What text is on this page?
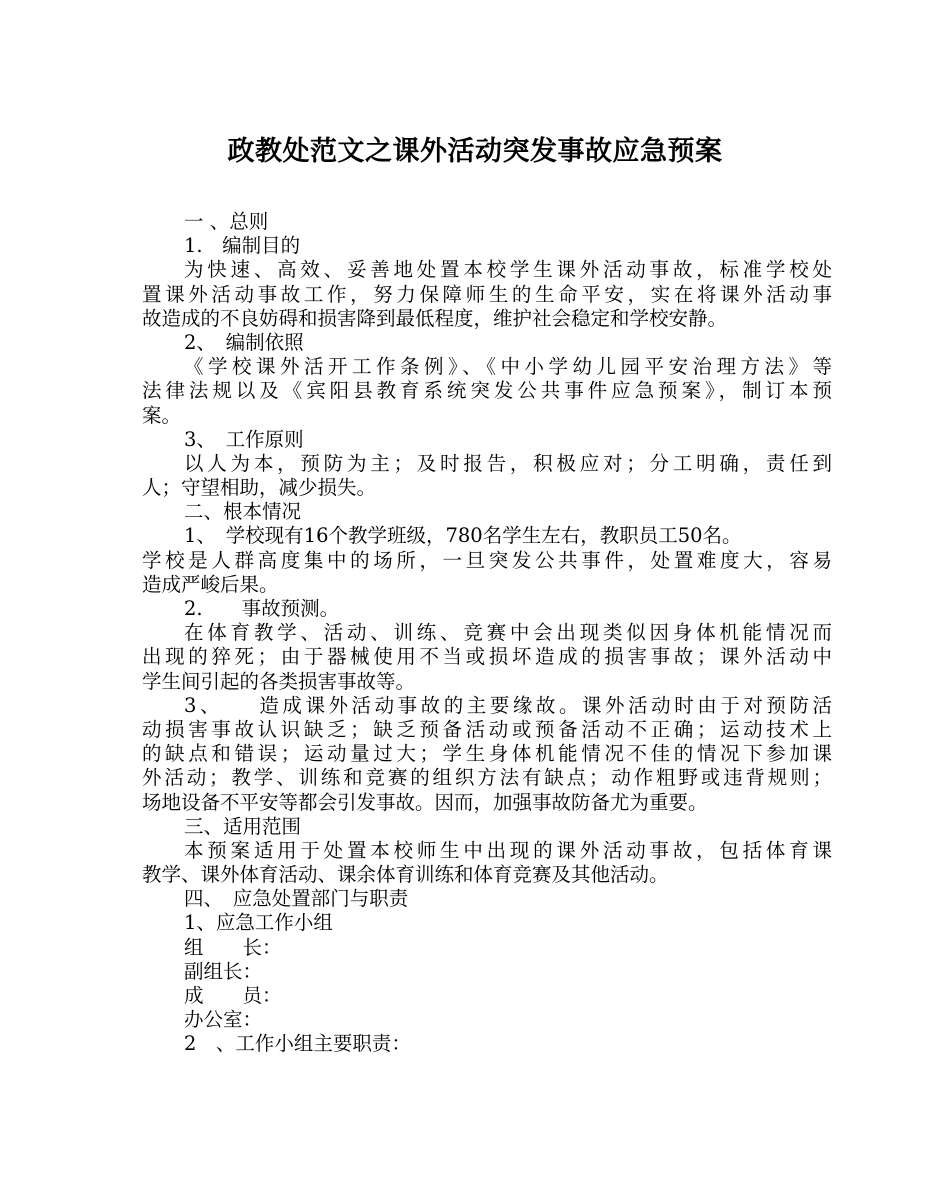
政教处范文之课外活动突发事故应急预案
一 、总则
1.　编制目的
为快速、高效、妥善地处置本校学生课外活动事故，标准学校处
置课外活动事故工作，努力保障师生的生命平安，实在将课外活动事
故造成的不良妨碍和损害降到最低程度，维护社会稳定和学校安静。
2、　编制依照
《学校课外活开工作条例》、《中小学幼儿园平安治理方法》等
法律法规以及《宾阳县教育系统突发公共事件应急预案》，制订本预
案。
3、　工作原则
以人为本，预防为主；及时报告，积极应对；分工明确，责任到
人；守望相助，减少损失。
二、根本情况
1、　学校现有16个教学班级，780名学生左右，教职员工50名。
学校是人群高度集中的场所，一旦突发公共事件，处置难度大，容易
造成严峻后果。
2.　　事故预测。
在体育教学、活动、训练、竞赛中会出现类似因身体机能情况而
出现的猝死；由于器械使用不当或损坏造成的损害事故；课外活动中
学生间引起的各类损害事故等。
3、　　造成课外活动事故的主要缘故。课外活动时由于对预防活
动损害事故认识缺乏；缺乏预备活动或预备活动不正确；运动技术上
的缺点和错误；运动量过大；学生身体机能情况不佳的情况下参加课
外活动；教学、训练和竞赛的组织方法有缺点；动作粗野或违背规则；
场地设备不平安等都会引发事故。因而，加强事故防备尤为重要。
三、适用范围
本预案适用于处置本校师生中出现的课外活动事故，包括体育课
教学、课外体育活动、课余体育训练和体育竞赛及其他活动。
四、　应急处置部门与职责
1、应急工作小组
组　　长：
副组长：
成　　员：
办公室：
2　、工作小组主要职责：
